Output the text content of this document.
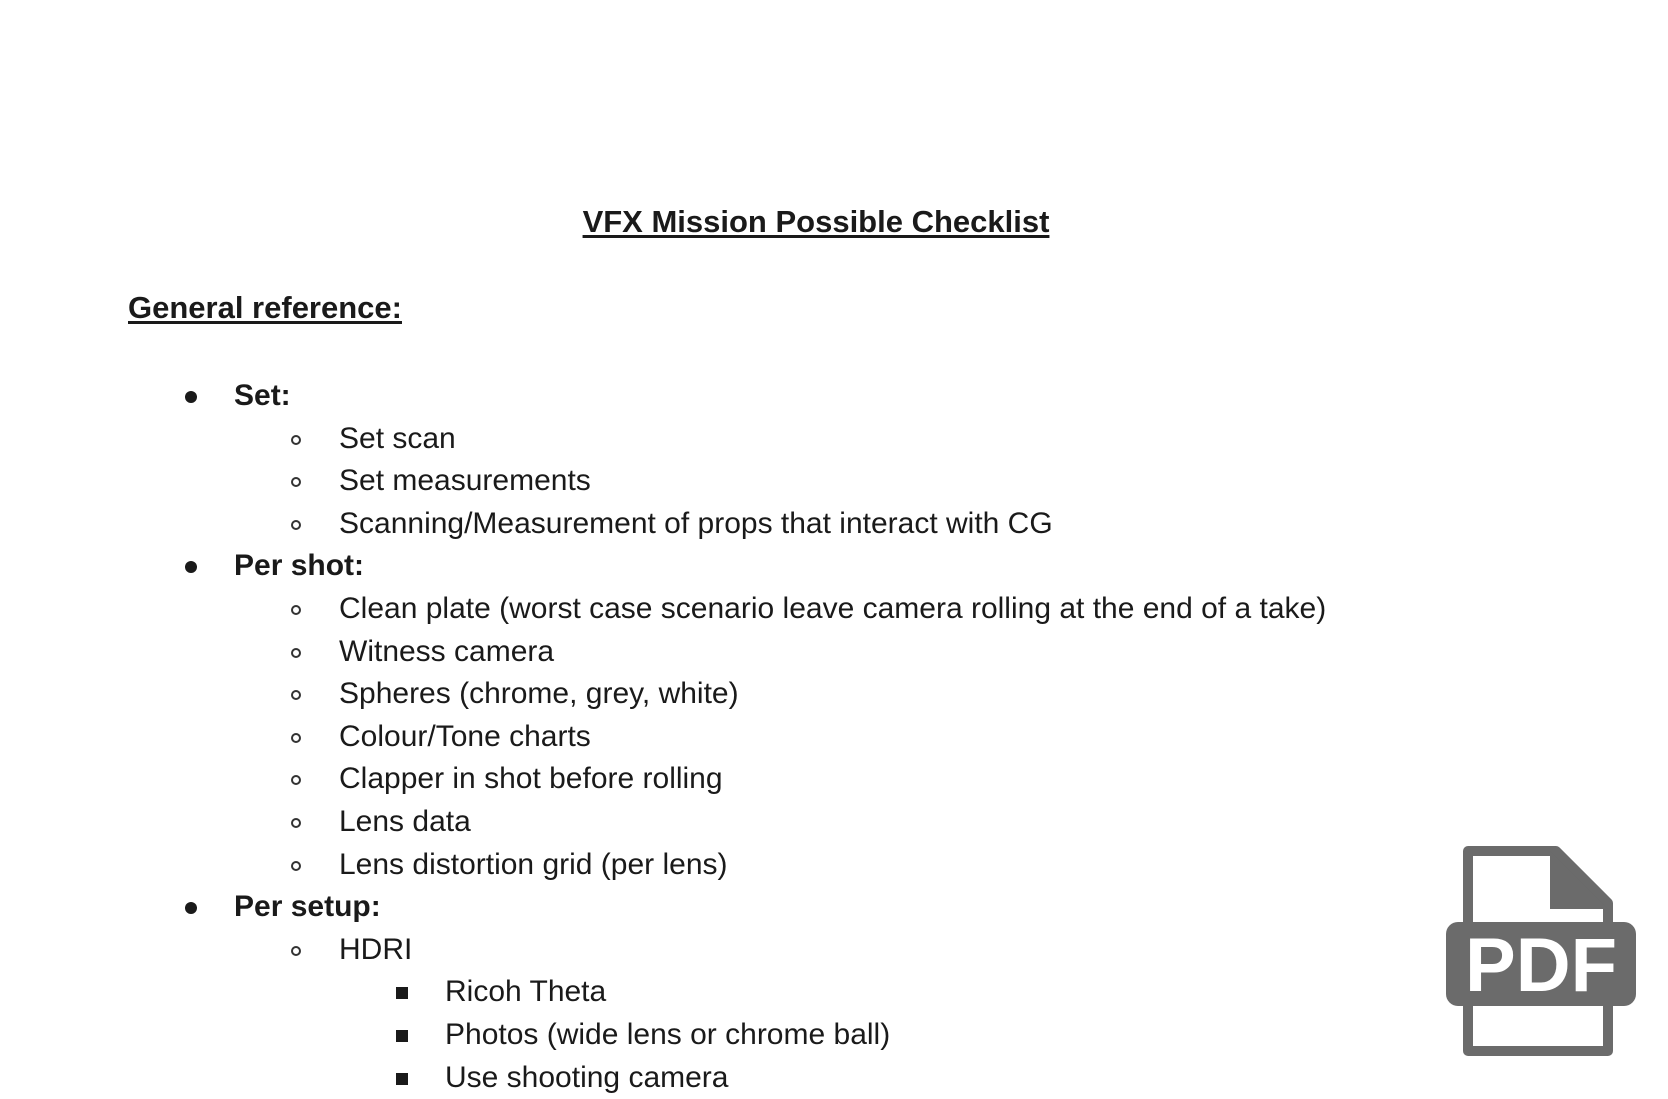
VFX Mission Possible Checklist
General reference:
Set:
Set scan
Set measurements
Scanning/Measurement of props that interact with CG
Per shot:
Clean plate (worst case scenario leave camera rolling at the end of a take)
Witness camera
Spheres (chrome, grey, white)
Colour/Tone charts
Clapper in shot before rolling
Lens data
Lens distortion grid (per lens)
Per setup:
HDRI
Ricoh Theta
Photos (wide lens or chrome ball)
Use shooting camera
PDF
